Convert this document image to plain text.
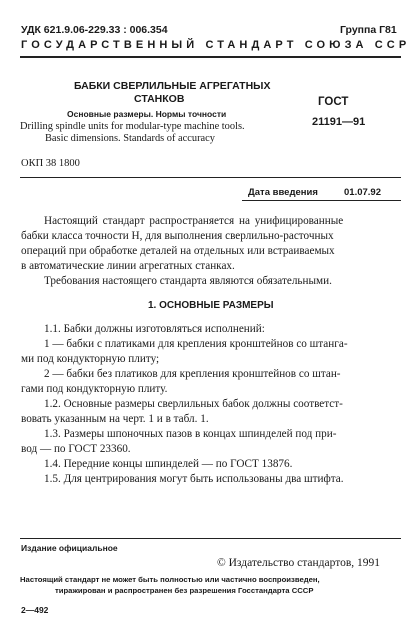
УДК 621.9.06-229.33 : 006.354	Группа Г81
ГОСУДАРСТВЕННЫЙ СТАНДАРТ СОЮЗА ССР
БАБКИ СВЕРЛИЛЬНЫЕ АГРЕГАТНЫХ
СТАНКОВ
Основные размеры. Нормы точности
Drilling spindle units for modular-type machine tools.
Basic dimensions. Standards of accuracy
ГОСТ
21191—91
ОКП 38 1800
Дата введения	01.07.92
Настоящий стандарт распространяется на унифицированные
бабки класса точности Н, для выполнения сверлильно-расточных
операций при обработке деталей на отдельных или встраиваемых
в автоматические линии агрегатных станках.
Требования настоящего стандарта являются обязательными.
1. ОСНОВНЫЕ РАЗМЕРЫ
1.1. Бабки должны изготовляться исполнений:
1 — бабки с платиками для крепления кронштейнов со штанга-
ми под кондукторную плиту;
2 — бабки без платиков для крепления кронштейнов со штан-
гами под кондукторную плиту.
1.2. Основные размеры сверлильных бабок должны соответст-
вовать указанным на черт. 1 и в табл. 1.
1.3. Размеры шпоночных пазов в концах шпинделей под при-
вод — по ГОСТ 23360.
1.4. Передние концы шпинделей — по ГОСТ 13876.
1.5. Для центрирования могут быть использованы два штифта.
Издание официальное
© Издательство стандартов, 1991
Настоящий стандарт не может быть полностью или частично воспроизведен,
тиражирован и распространен без разрешения Госстандарта СССР
2—492
